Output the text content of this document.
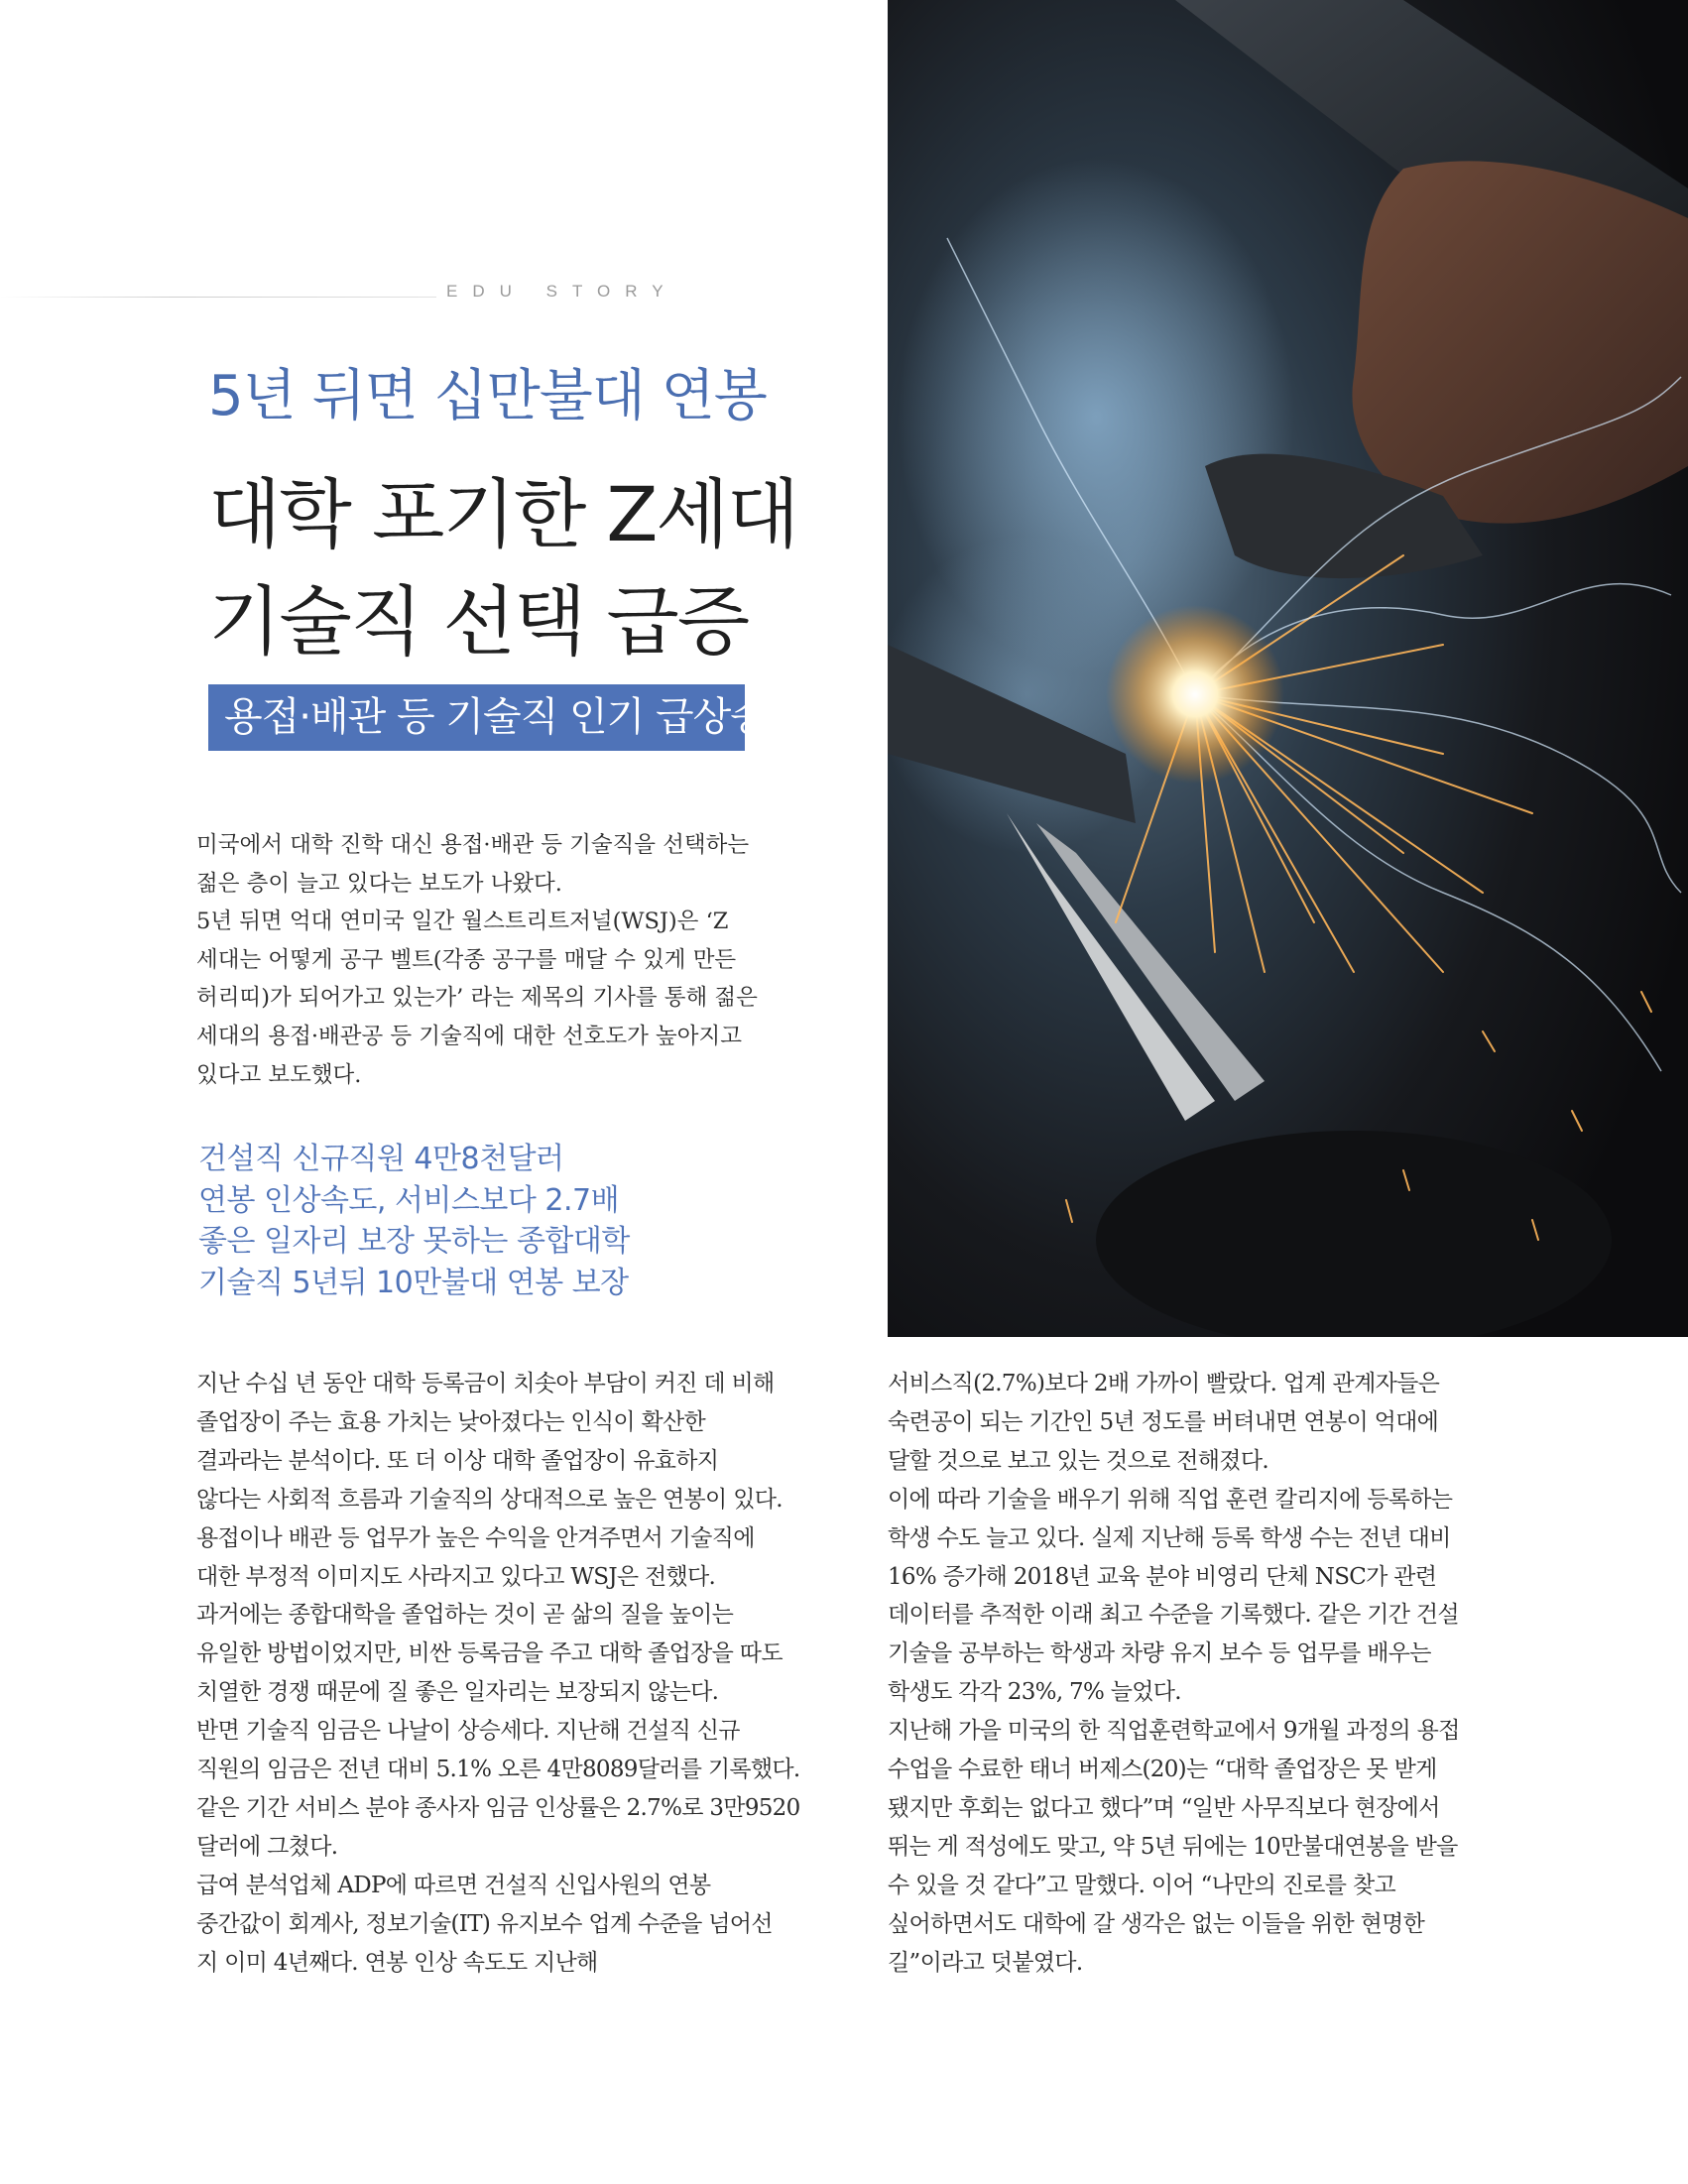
EDU STORY
5년 뒤면 십만불대 연봉
대학 포기한 Z세대
기술직 선택 급증
용접·배관 등 기술직 인기 급상승

미국에서 대학 진학 대신 용접·배관 등 기술직을 선택하는
젊은 층이 늘고 있다는 보도가 나왔다.
5년 뒤면 억대 연미국 일간 월스트리트저널(WSJ)은 ‘Z
세대는 어떻게 공구 벨트(각종 공구를 매달 수 있게 만든
허리띠)가 되어가고 있는가’ 라는 제목의 기사를 통해 젊은
세대의 용접·배관공 등 기술직에 대한 선호도가 높아지고
있다고 보도했다.

건설직 신규직원 4만8천달러
연봉 인상속도, 서비스보다 2.7배
좋은 일자리 보장 못하는 종합대학
기술직 5년뒤 10만불대 연봉 보장

지난 수십 년 동안 대학 등록금이 치솟아 부담이 커진 데 비해
졸업장이 주는 효용 가치는 낮아졌다는 인식이 확산한
결과라는 분석이다. 또 더 이상 대학 졸업장이 유효하지
않다는 사회적 흐름과 기술직의 상대적으로 높은 연봉이 있다.
용접이나 배관 등 업무가 높은 수익을 안겨주면서 기술직에
대한 부정적 이미지도 사라지고 있다고 WSJ은 전했다.
과거에는 종합대학을 졸업하는 것이 곧 삶의 질을 높이는
유일한 방법이었지만, 비싼 등록금을 주고 대학 졸업장을 따도
치열한 경쟁 때문에 질 좋은 일자리는 보장되지 않는다.
반면 기술직 임금은 나날이 상승세다. 지난해 건설직 신규
직원의 임금은 전년 대비 5.1% 오른 4만8089달러를 기록했다.
같은 기간 서비스 분야 종사자 임금 인상률은 2.7%로 3만9520
달러에 그쳤다.
급여 분석업체 ADP에 따르면 건설직 신입사원의 연봉
중간값이 회계사, 정보기술(IT) 유지보수 업계 수준을 넘어선
지 이미 4년째다. 연봉 인상 속도도 지난해

서비스직(2.7%)보다 2배 가까이 빨랐다. 업계 관계자들은
숙련공이 되는 기간인 5년 정도를 버텨내면 연봉이 억대에
달할 것으로 보고 있는 것으로 전해졌다.
이에 따라 기술을 배우기 위해 직업 훈련 칼리지에 등록하는
학생 수도 늘고 있다. 실제 지난해 등록 학생 수는 전년 대비
16% 증가해 2018년 교육 분야 비영리 단체 NSC가 관련
데이터를 추적한 이래 최고 수준을 기록했다. 같은 기간 건설
기술을 공부하는 학생과 차량 유지 보수 등 업무를 배우는
학생도 각각 23%, 7% 늘었다.
지난해 가을 미국의 한 직업훈련학교에서 9개월 과정의 용접
수업을 수료한 태너 버제스(20)는 “대학 졸업장은 못 받게
됐지만 후회는 없다고 했다”며 “일반 사무직보다 현장에서
뛰는 게 적성에도 맞고, 약 5년 뒤에는 10만불대연봉을 받을
수 있을 것 같다”고 말했다. 이어 “나만의 진로를 찾고
싶어하면서도 대학에 갈 생각은 없는 이들을 위한 현명한
길”이라고 덧붙였다.
